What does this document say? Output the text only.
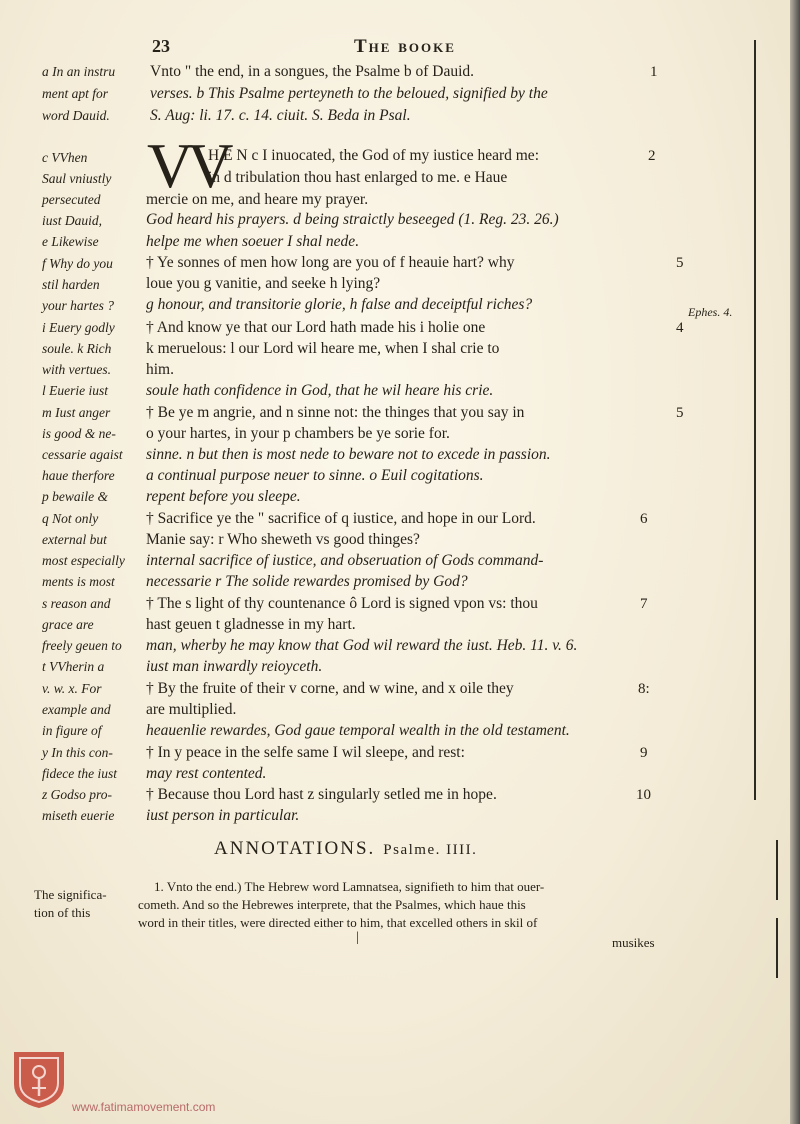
23	The booke
a In an instru
ment apt for
word Dauid.
Vnto " the end, in a songues, the Psalme b of Dauid.
verses. b This Psalme perteyneth to the beloued, signified by the
S. Aug: li. 17. c. 14. ciuit. S. Beda in Psal.
1
VV
H E N c I inuocated, the God of my iustice heard me:
in d tribulation thou hast enlarged to me. e Haue
mercie on me, and heare my prayer.
God heard his prayers. d being straictly beseeged (1. Reg. 23. 26.)
helpe me when soeuer I shal nede.
† Ye sonnes of men how long are you of f heauie hart? why
loue you g vanitie, and seeke h lying?
g honour, and transitorie glorie, h false and deceiptful riches?
† And know ye that our Lord hath made his i holie one
k meruelous: l our Lord wil heare me, when I shal crie to
him.
soule hath confidence in God, that he wil heare his crie.
† Be ye m angrie, and n sinne not: the thinges that you say in
o your hartes, in your p chambers be ye sorie for.
sinne. n but then is most nede to beware not to excede in passion.
a continual purpose neuer to sinne. o Euil cogitations.
repent before you sleepe.
† Sacrifice ye the " sacrifice of q iustice, and hope in our Lord.
Manie say: r Who sheweth vs good thinges?
internal sacrifice of iustice, and obseruation of Gods command-
necessarie r The solide rewardes promised by God?
† The s light of thy countenance ô Lord is signed vpon vs: thou
hast geuen t gladnesse in my hart.
man, wherby he may know that God wil reward the iust. Heb. 11. v. 6.
iust man inwardly reioyceth.
† By the fruite of their v corne, and w wine, and x oile they
are multiplied.
heauenlie rewardes, God gaue temporal wealth in the old testament.
† In y peace in the selfe same I wil sleepe, and rest:
may rest contented.
† Because thou Lord hast z singularly setled me in hope.
iust person in particular.
c VVhen
Saul vniustly
persecuted
iust Dauid,
e Likewise
f Why do you
stil harden
your hartes ?
i Euery godly
soule. k Rich
with vertues.
l Euerie iust
m Iust anger
is good & ne-
cessarie agaist
haue therfore
p bewaile &
q Not only
external but
most especially
ments is most
s reason and
grace are
freely geuen to
t VVherin a
v. w. x. For
example and
in figure of
y In this con-
fidece the iust
z Godso pro-
miseth euerie
2
5
4
5
6
7
8:
9
10
Ephes. 4.
ANNOTATIONS. Psalme. IIII.
The significa-
tion of this
1. Vnto the end.) The Hebrew word Lamnatsea, signifieth to him that ouer-
cometh. And so the Hebrewes interprete, that the Psalmes, which haue this
word in their titles, were directed either to him, that excelled others in skil of
musikes
|
www.fatimamovement.com
